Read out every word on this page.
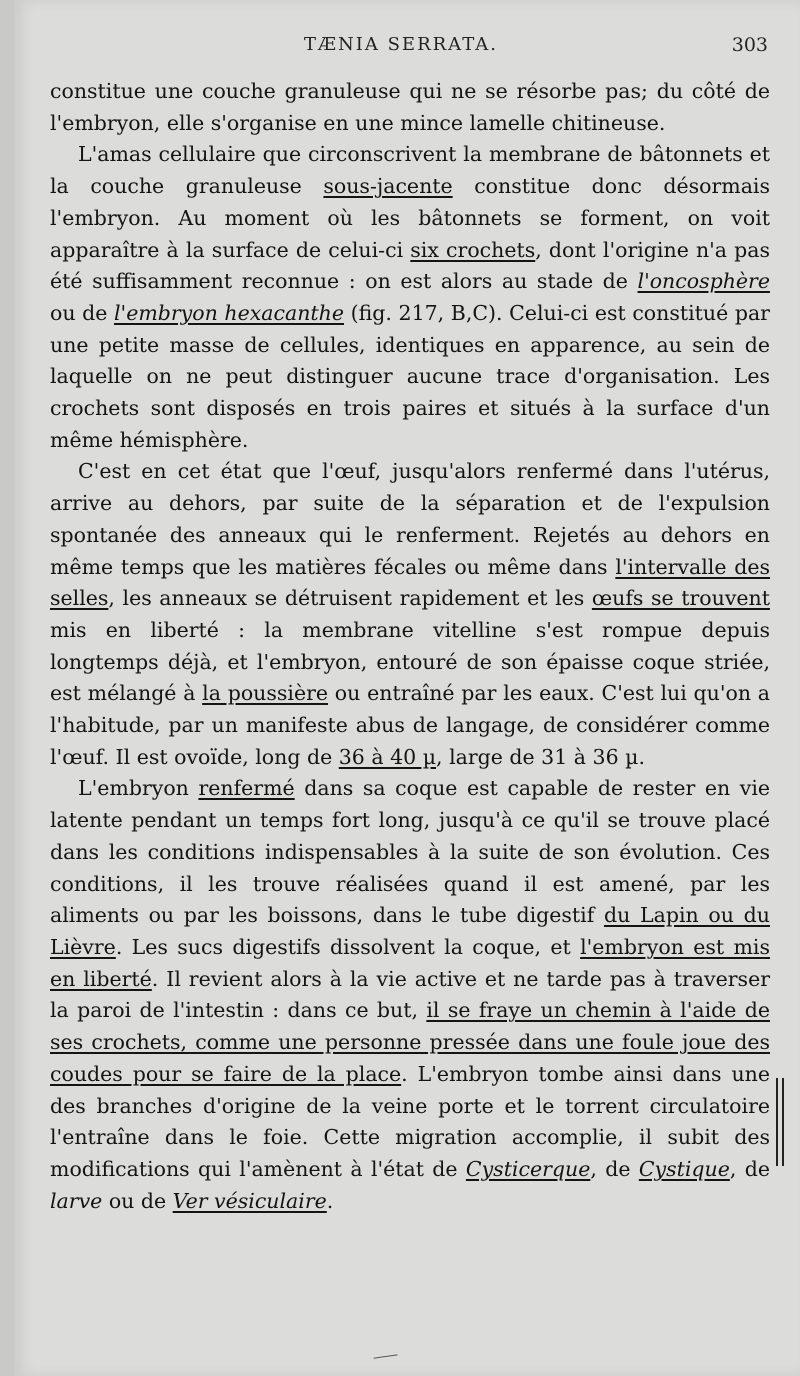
TÆNIA SERRATA.	303

constitue une couche granuleuse qui ne se résorbe pas; du côté de l'embryon, elle s'organise en une mince lamelle chitineuse.

L'amas cellulaire que circonscrivent la membrane de bâtonnets et la couche granuleuse sous-jacente constitue donc désormais l'embryon. Au moment où les bâtonnets se forment, on voit apparaître à la surface de celui-ci six crochets, dont l'origine n'a pas été suffisamment reconnue : on est alors au stade de l'oncosphère ou de l'embryon hexacanthe (fig. 217, B,C). Celui-ci est constitué par une petite masse de cellules, identiques en apparence, au sein de laquelle on ne peut distinguer aucune trace d'organisation. Les crochets sont disposés en trois paires et situés à la surface d'un même hémisphère.

C'est en cet état que l'œuf, jusqu'alors renfermé dans l'utérus, arrive au dehors, par suite de la séparation et de l'expulsion spontanée des anneaux qui le renferment. Rejetés au dehors en même temps que les matières fécales ou même dans l'intervalle des selles, les anneaux se détruisent rapidement et les œufs se trouvent mis en liberté : la membrane vitelline s'est rompue depuis longtemps déjà, et l'embryon, entouré de son épaisse coque striée, est mélangé à la poussière ou entraîné par les eaux. C'est lui qu'on a l'habitude, par un manifeste abus de langage, de considérer comme l'œuf. Il est ovoïde, long de 36 à 40 µ, large de 31 à 36 µ.

L'embryon renfermé dans sa coque est capable de rester en vie latente pendant un temps fort long, jusqu'à ce qu'il se trouve placé dans les conditions indispensables à la suite de son évolution. Ces conditions, il les trouve réalisées quand il est amené, par les aliments ou par les boissons, dans le tube digestif du Lapin ou du Lièvre. Les sucs digestifs dissolvent la coque, et l'embryon est mis en liberté. Il revient alors à la vie active et ne tarde pas à traverser la paroi de l'intestin : dans ce but, il se fraye un chemin à l'aide de ses crochets, comme une personne pressée dans une foule joue des coudes pour se faire de la place. L'embryon tombe ainsi dans une des branches d'origine de la veine porte et le torrent circulatoire l'entraîne dans le foie. Cette migration accomplie, il subit des modifications qui l'amènent à l'état de Cysticerque, de Cystique, de larve ou de Ver vésiculaire.
